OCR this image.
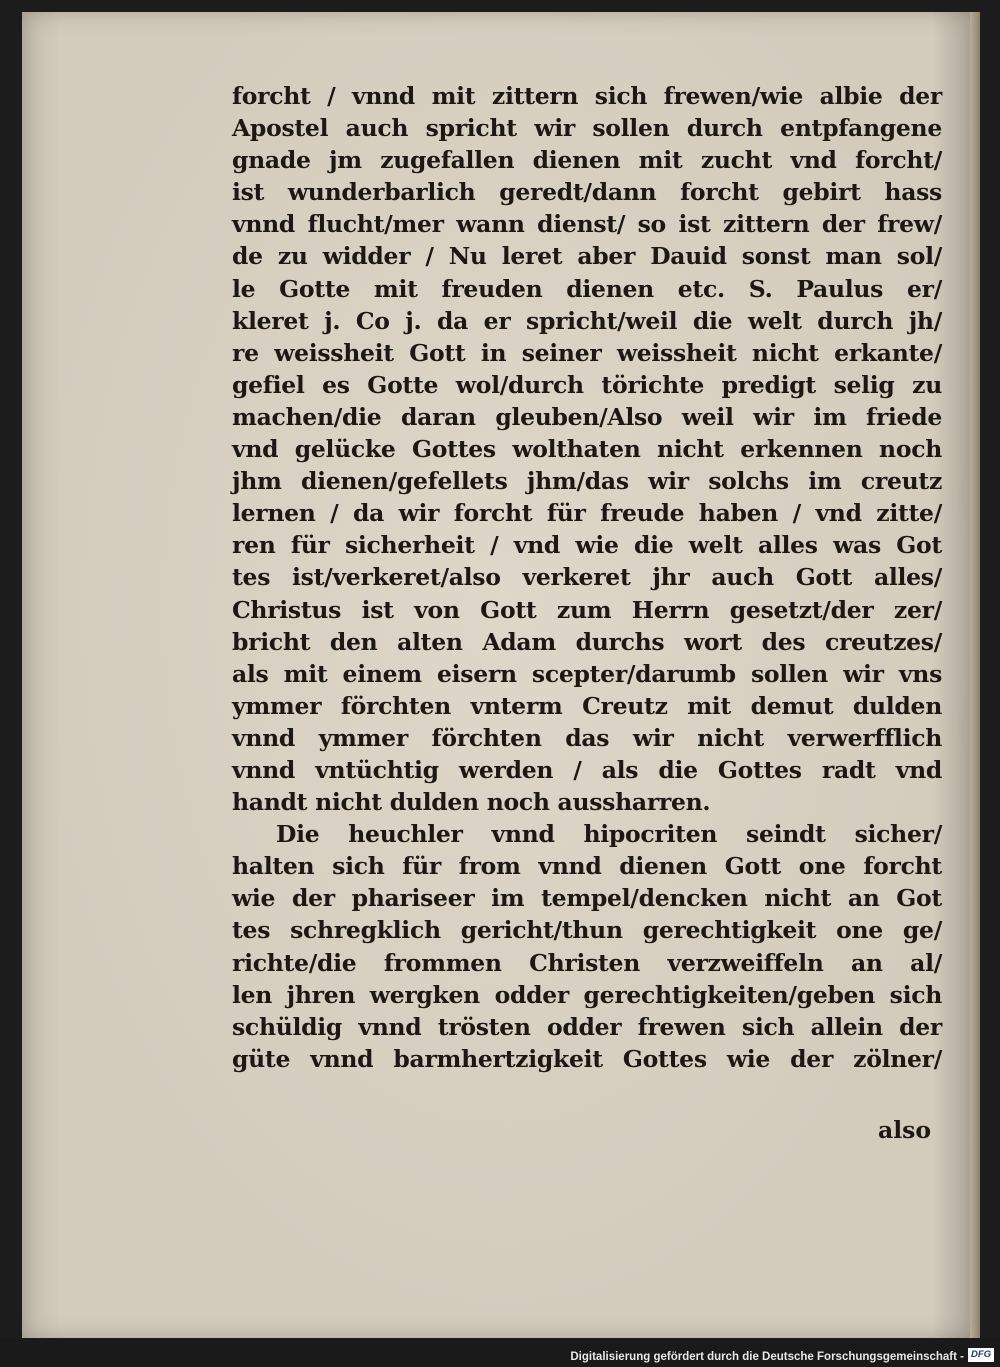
forcht / vnnd mit zittern sich frewen/wie albie der
Apostel auch spricht wir sollen durch entpfangene
gnade jm zugefallen dienen mit zucht vnd forcht/
ist wunderbarlich geredt/dann forcht gebirt hass
vnnd flucht/mer wann dienst/ so ist zittern der frew/
de zu widder / Nu leret aber Dauid sonst man sol/
le Gotte mit freuden dienen etc. S. Paulus er/
kleret j. Co j. da er spricht/weil die welt durch jh/
re weissheit Gott in seiner weissheit nicht erkante/
gefiel es Gotte wol/durch törichte predigt selig zu
machen/die daran gleuben/Also weil wir im friede
vnd gelücke Gottes wolthaten nicht erkennen noch
jhm dienen/gefellets jhm/das wir solchs im creutz
lernen / da wir forcht für freude haben / vnd zitte/
ren für sicherheit / vnd wie die welt alles was Got
tes ist/verkeret/also verkeret jhr auch Gott alles/
Christus ist von Gott zum Herrn gesetzt/der zer/
bricht den alten Adam durchs wort des creutzes/
als mit einem eisern scepter/darumb sollen wir vns
ymmer förchten vnterm Creutz mit demut dulden
vnnd ymmer förchten das wir nicht verwerfflich
vnnd vntüchtig werden / als die Gottes radt vnd
handt nicht dulden noch aussharren.
Die heuchler vnnd hipocriten seindt sicher/
halten sich für from vnnd dienen Gott one forcht
wie der phariseer im tempel/dencken nicht an Got
tes schregklich gericht/thun gerechtigkeit one ge/
richte/die frommen Christen verzweiffeln an al/
len jhren wergken odder gerechtigkeiten/geben sich
schüldig vnnd trösten odder frewen sich allein der
güte vnnd barmhertzigkeit Gottes wie der zölner/
also
Digitalisierung gefördert durch die Deutsche Forschungsgemeinschaft - DFG
